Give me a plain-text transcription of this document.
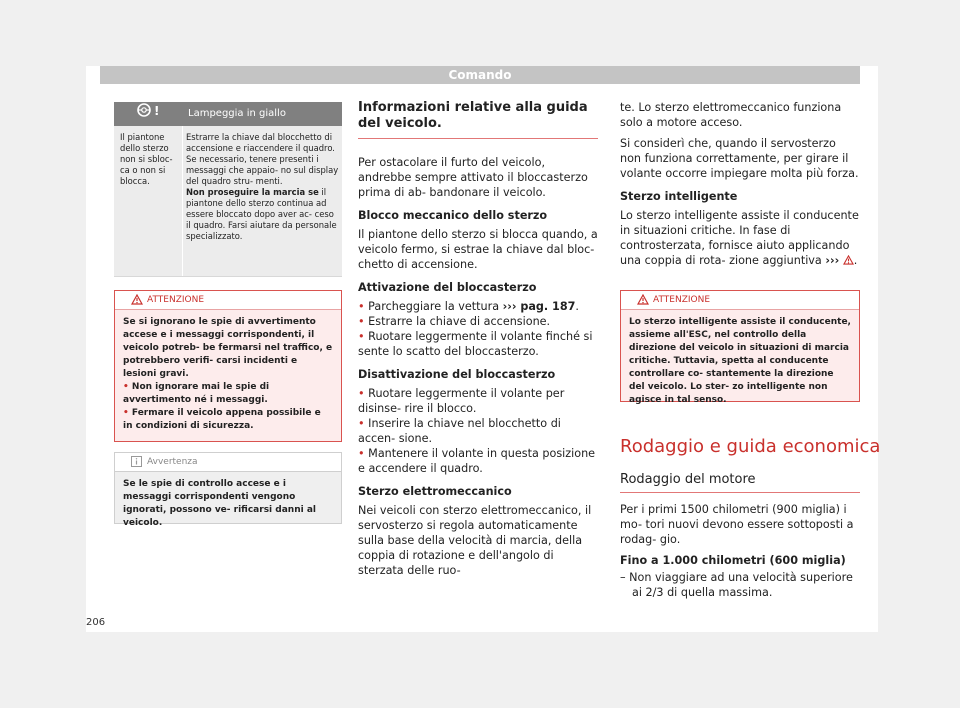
Comando
!	Lampeggia in giallo
Il piantone dello sterzo non si sbloc- ca o non si blocca.
Estrarre la chiave dal blocchetto di accensione e riaccendere il quadro. Se necessario, tenere presenti i messaggi che appaio- no sul display del quadro stru- menti.
Non proseguire la marcia se il piantone dello sterzo continua ad essere bloccato dopo aver ac- ceso il quadro. Farsi aiutare da personale specializzato.
ATTENZIONE

Se si ignorano le spie di avvertimento accese e i messaggi corrispondenti, il veicolo potreb- be fermarsi nel traffico, e potrebbero verifi- carsi incidenti e lesioni gravi.

• Non ignorare mai le spie di avvertimento né i messaggi.

• Fermare il veicolo appena possibile e in condizioni di sicurezza.

Avvertenza
Se le spie di controllo accese e i messaggi corrispondenti vengono ignorati, possono ve- rificarsi danni al veicolo.

Informazioni relative alla guida del veicolo.

Per ostacolare il furto del veicolo, andrebbe sempre attivato il bloccasterzo prima di ab- bandonare il veicolo.

Blocco meccanico dello sterzo

Il piantone dello sterzo si blocca quando, a veicolo fermo, si estrae la chiave dal bloc- chetto di accensione.

Attivazione del bloccasterzo

• Parcheggiare la vettura ››› pag. 187.

• Estrarre la chiave di accensione.

• Ruotare leggermente il volante finché si sente lo scatto del bloccasterzo.

Disattivazione del bloccasterzo

• Ruotare leggermente il volante per disinse- rire il blocco.

• Inserire la chiave nel blocchetto di accen- sione.

• Mantenere il volante in questa posizione e accendere il quadro.

Sterzo elettromeccanico

Nei veicoli con sterzo elettromeccanico, il servosterzo si regola automaticamente sulla base della velocità di marcia, della coppia di rotazione e dell'angolo di sterzata delle ruo-

te. Lo sterzo elettromeccanico funziona solo a motore acceso.

Si considerì che, quando il servosterzo non funziona correttamente, per girare il volante occorre impiegare molta più forza.

Sterzo intelligente

Lo sterzo intelligente assiste il conducente in situazioni critiche. In fase di controsterzata, fornisce aiuto applicando una coppia di rota- zione aggiuntiva ››› .

ATTENZIONE
Lo sterzo intelligente assiste il conducente, assieme all'ESC, nel controllo della direzione del veicolo in situazioni di marcia critiche. Tuttavia, spetta al conducente controllare co- stantemente la direzione del veicolo. Lo ster- zo intelligente non agisce in tal senso.
Rodaggio e guida economica
Rodaggio del motore

Per i primi 1500 chilometri (900 miglia) i mo- tori nuovi devono essere sottoposti a rodag- gio.

Fino a 1.000 chilometri (600 miglia)

– Non viaggiare ad una velocità superiore ai 2/3 di quella massima.

206
